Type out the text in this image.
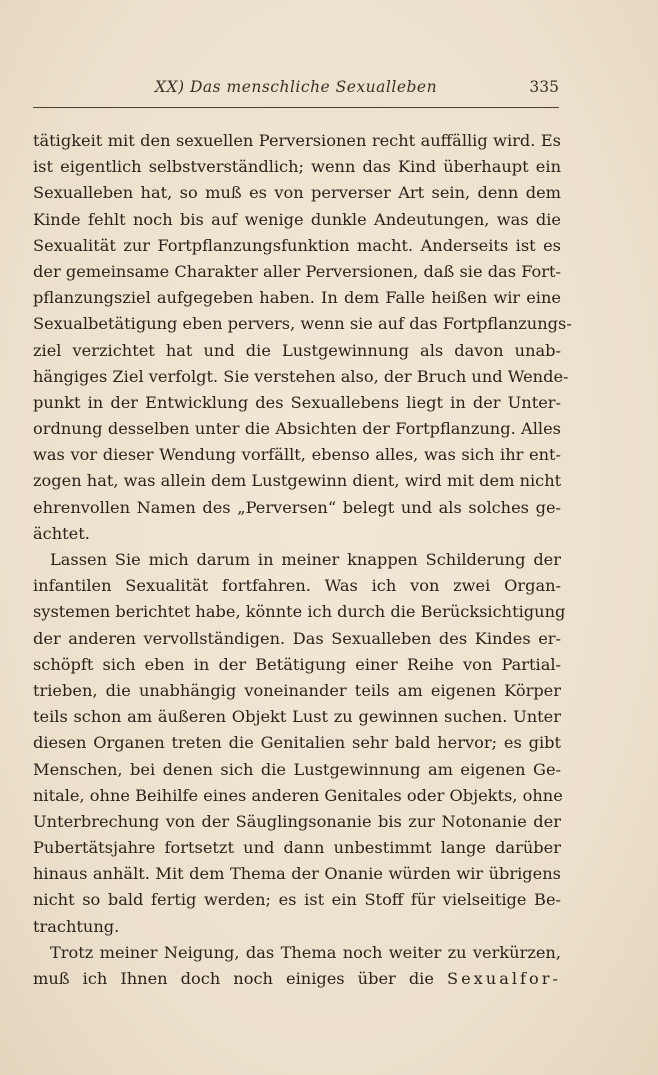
XX) Das menschliche Sexualleben	335
tätigkeit mit den sexuellen Perversionen recht auffällig wird. Es
ist eigentlich selbstverständlich; wenn das Kind überhaupt ein
Sexualleben hat, so muß es von perverser Art sein, denn dem
Kinde fehlt noch bis auf wenige dunkle Andeutungen, was die
Sexualität zur Fortpflanzungsfunktion macht. Anderseits ist es
der gemeinsame Charakter aller Perversionen, daß sie das Fort-
pflanzungsziel aufgegeben haben. In dem Falle heißen wir eine
Sexualbetätigung eben pervers, wenn sie auf das Fortpflanzungs-
ziel verzichtet hat und die Lustgewinnung als davon unab-
hängiges Ziel verfolgt. Sie verstehen also, der Bruch und Wende-
punkt in der Entwicklung des Sexuallebens liegt in der Unter-
ordnung desselben unter die Absichten der Fortpflanzung. Alles
was vor dieser Wendung vorfällt, ebenso alles, was sich ihr ent-
zogen hat, was allein dem Lustgewinn dient, wird mit dem nicht
ehrenvollen Namen des „Perversen“ belegt und als solches ge-
ächtet.
Lassen Sie mich darum in meiner knappen Schilderung der
infantilen Sexualität fortfahren. Was ich von zwei Organ-
systemen berichtet habe, könnte ich durch die Berücksichtigung
der anderen vervollständigen. Das Sexualleben des Kindes er-
schöpft sich eben in der Betätigung einer Reihe von Partial-
trieben, die unabhängig voneinander teils am eigenen Körper
teils schon am äußeren Objekt Lust zu gewinnen suchen. Unter
diesen Organen treten die Genitalien sehr bald hervor; es gibt
Menschen, bei denen sich die Lustgewinnung am eigenen Ge-
nitale, ohne Beihilfe eines anderen Genitales oder Objekts, ohne
Unterbrechung von der Säuglingsonanie bis zur Notonanie der
Pubertätsjahre fortsetzt und dann unbestimmt lange darüber
hinaus anhält. Mit dem Thema der Onanie würden wir übrigens
nicht so bald fertig werden; es ist ein Stoff für vielseitige Be-
trachtung.
Trotz meiner Neigung, das Thema noch weiter zu verkürzen,
muß ich Ihnen doch noch einiges über die Sexualfor-
